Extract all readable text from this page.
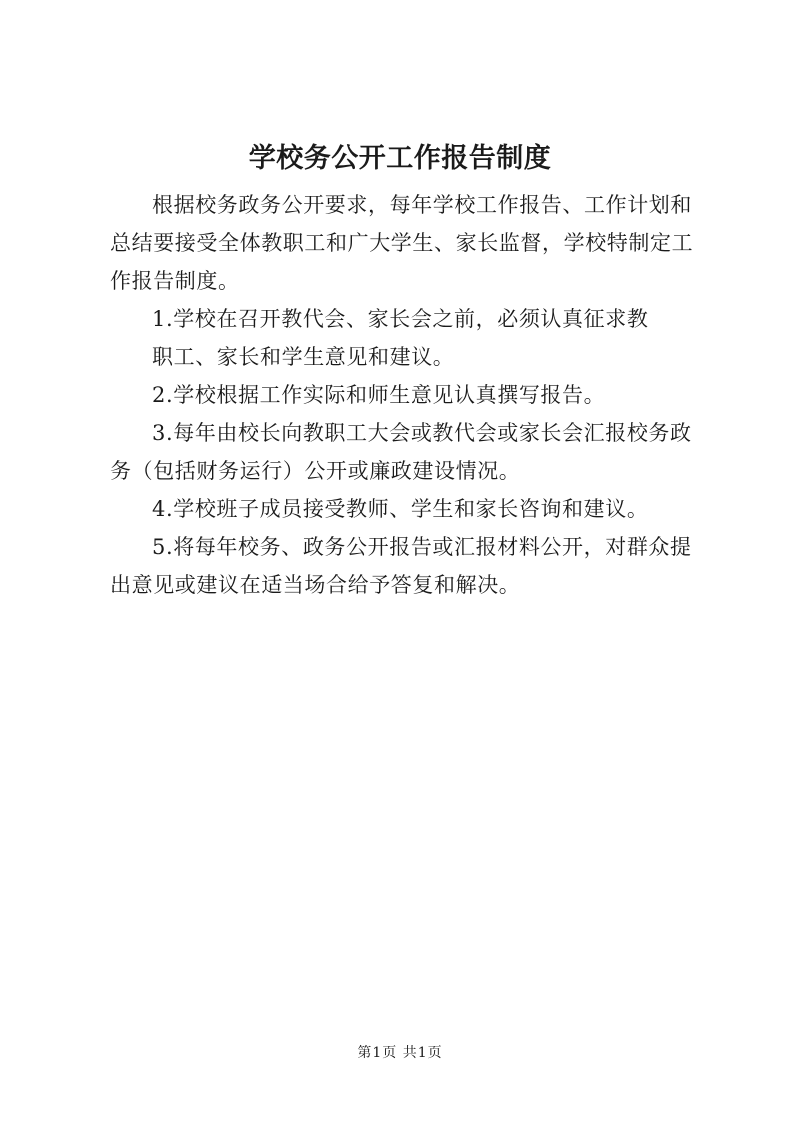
学校务公开工作报告制度

根据校务政务公开要求，每年学校工作报告、工作计划和总结要接受全体教职工和广大学生、家长监督，学校特制定工作报告制度。

1.学校在召开教代会、家长会之前，必须认真征求教

职工、家长和学生意见和建议。

2.学校根据工作实际和师生意见认真撰写报告。

3.每年由校长向教职工大会或教代会或家长会汇报校务政务（包括财务运行）公开或廉政建设情况。

4.学校班子成员接受教师、学生和家长咨询和建议。

5.将每年校务、政务公开报告或汇报材料公开，对群众提出意见或建议在适当场合给予答复和解决。

第1页 共1页
